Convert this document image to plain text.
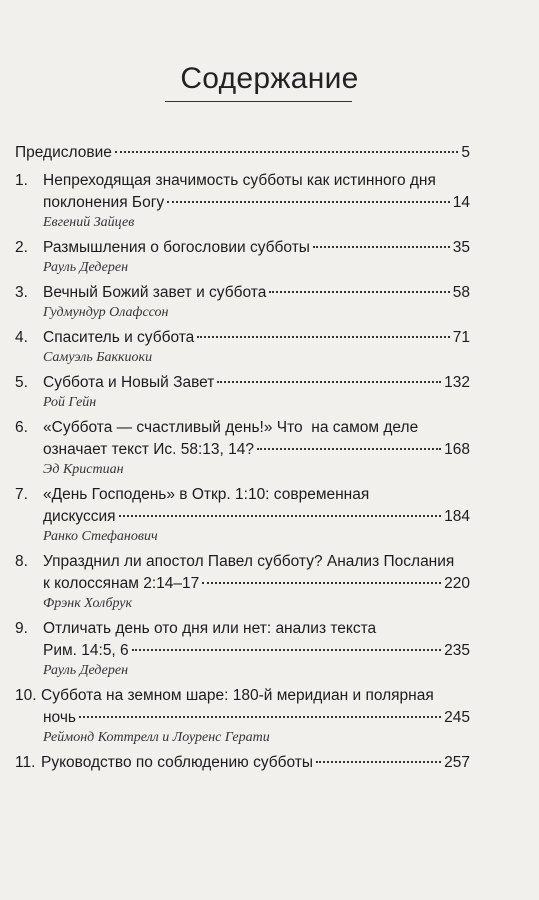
Содержание
Предисловие	5
1. Непреходящая значимость субботы как истинного дня
поклонения Богу	14
Евгений Зайцев
2. Размышления о богословии субботы	35
Рауль Дедерен
3. Вечный Божий завет и суббота	58
Гудмундур Олафссон
4. Спаситель и суббота	71
Самуэль Баккиоки
5. Суббота и Новый Завет	132
Рой Гейн
6. «Суббота — счастливый день!» Что  на самом деле
означает текст Ис. 58:13, 14?	168
Эд Кристиан
7. «День Господень» в Откр. 1:10: современная
дискуссия	184
Ранко Стефанович
8. Упразднил ли апостол Павел субботу? Анализ Послания
к колоссянам 2:14–17	220
Фрэнк Холбрук
9. Отличать день ото дня или нет: анализ текста
Рим. 14:5, 6	235
Рауль Дедерен
10. Суббота на земном шаре: 180-й меридиан и полярная
ночь	245
Реймонд Коттрелл и Лоуренс Герати
11. Руководство по соблюдению субботы	257
